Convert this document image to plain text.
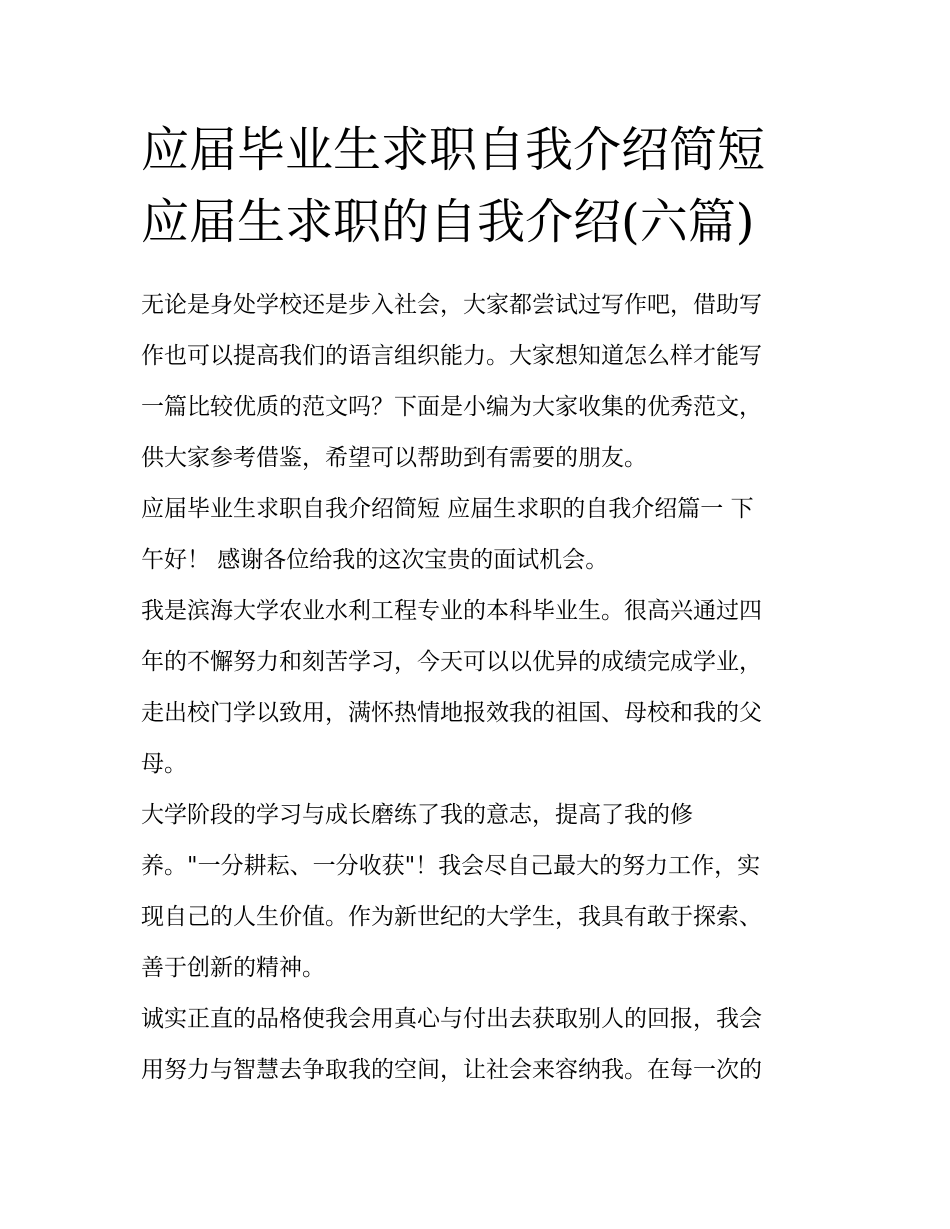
应届毕业生求职自我介绍简短
应届生求职的自我介绍(六篇)

无论是身处学校还是步入社会，大家都尝试过写作吧，借助写
作也可以提高我们的语言组织能力。大家想知道怎么样才能写
一篇比较优质的范文吗？下面是小编为大家收集的优秀范文，
供大家参考借鉴，希望可以帮助到有需要的朋友。

应届毕业生求职自我介绍简短 应届生求职的自我介绍篇一 下
午好！ 感谢各位给我的这次宝贵的面试机会。

我是滨海大学农业水利工程专业的本科毕业生。很高兴通过四
年的不懈努力和刻苦学习，今天可以以优异的成绩完成学业，
走出校门学以致用，满怀热情地报效我的祖国、母校和我的父
母。

大学阶段的学习与成长磨练了我的意志，提高了我的修
养。"一分耕耘、一分收获"！我会尽自己最大的努力工作，实
现自己的人生价值。作为新世纪的大学生，我具有敢于探索、
善于创新的精神。

诚实正直的品格使我会用真心与付出去获取别人的回报，我会
用努力与智慧去争取我的空间，让社会来容纳我。在每一次的
